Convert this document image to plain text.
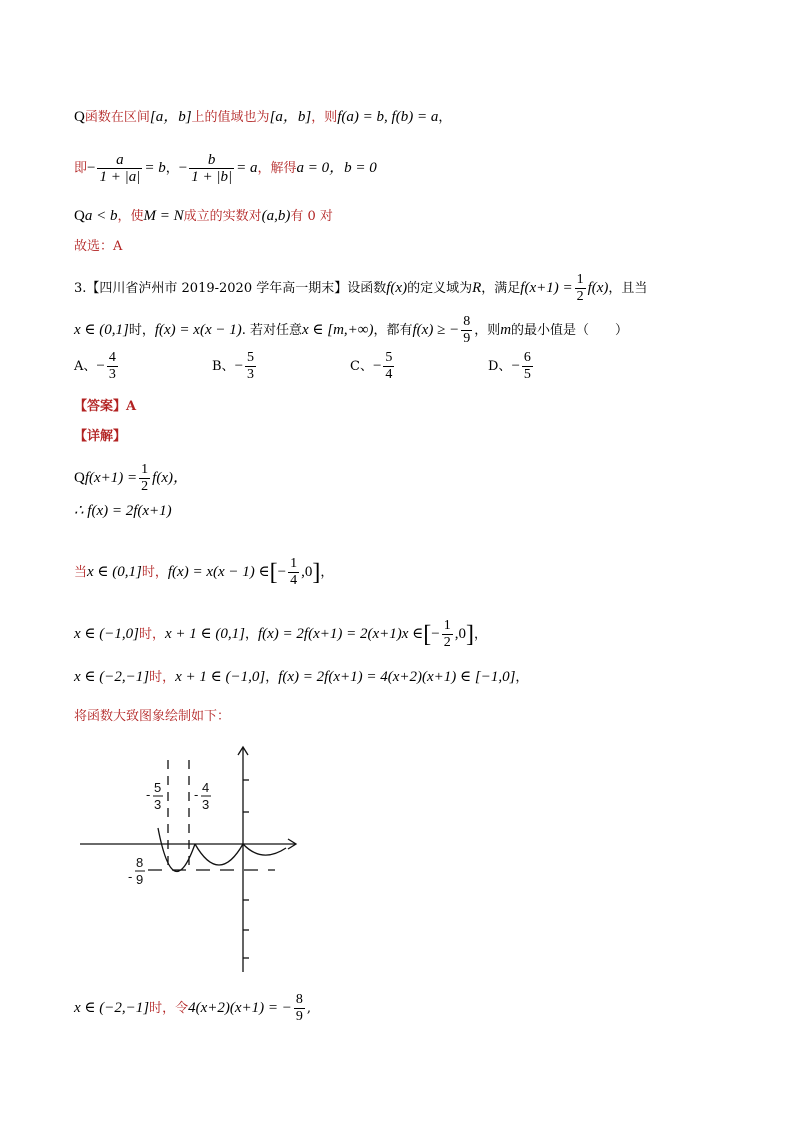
Q函数在区间[a，b]上的值域也为[a，b]，则f(a) = b, f(b) = a，
即− $\frac{a}{1 + |a|} = b$，− $\frac{b}{1 + |b|} = a$，解得a = 0，b = 0
Qa < b，使M = N成立的实数对(a,b)有 0 对
故选：A
3.【四川省泸州市 2019-2020 学年高一期末】设函数f(x)的定义域为R，满足$f(x+1) = \frac{1}{2} f(x)$，且当
x ∈ (0,1]时，f(x) = x(x − 1). 若对任意x ∈ [m,+∞)，都有f(x) ≥ − $\frac{8}{9}$ ，则m的最小值是（　　）
A、− $\frac{4}{3}$	B、− $\frac{5}{3}$	C、− $\frac{5}{4}$	D、− $\frac{6}{5}$
【答案】A
【详解】
$Qf(x+1) = \frac{1}{2} f(x)$，
∴ f(x) = 2f(x+1)
当x ∈ (0,1]时，f(x) = x(x − 1) ∈[− $\frac{1}{4} ,0$]，
x ∈ (−1,0]时，x + 1 ∈ (0,1]，f(x) = 2f(x+1) = 2(x+1)x ∈[− $\frac{1}{2} ,0$]，
x ∈ (−2,−1]时，x + 1 ∈ (−1,0]，f(x) = 2f(x+1) = 4(x+2)(x+1) ∈ [−1,0]，
将函数大致图象绘制如下：
- 5
3
- 4
3
-
8
9
x ∈ (−2,−1]时，令4(x+2)(x+1) = − $\frac{8}{9}$ ,
